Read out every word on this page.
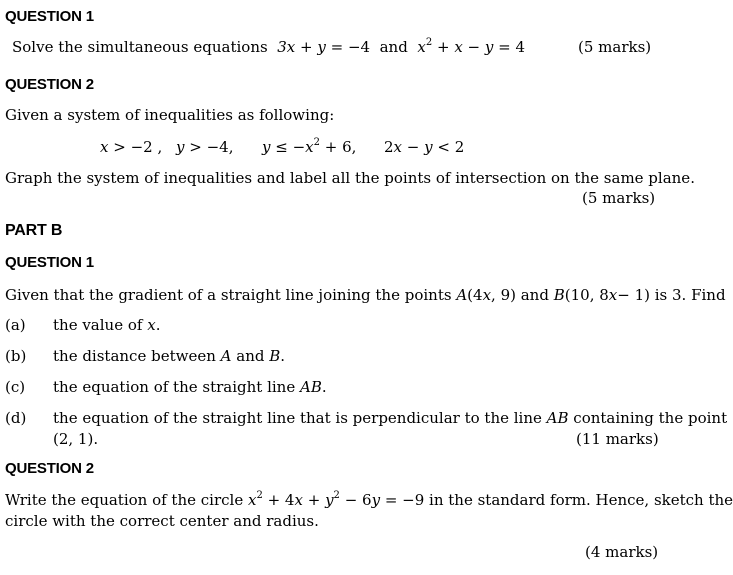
QUESTION 1
Solve the simultaneous equations 3x + y = −4 and $x^2 + x - y = 4$	(5 marks)
QUESTION 2
Given a system of inequalities as following:
x > −2 , y > −4, $y \le -x^2 + 6$, 2x − y < 2
Graph the system of inequalities and label all the points of intersection on the same plane.
(5 marks)
PART B
QUESTION 1
Given that the gradient of a straight line joining the points A(4x, 9) and B(10, 8x− 1) is 3. Find
(a) the value of x.
(b) the distance between A and B.
(c) the equation of the straight line AB.
(d) the equation of the straight line that is perpendicular to the line AB containing the point
(2, 1).	(11 marks)
QUESTION 2
Write the equation of the circle $x^2 + 4x + y^2 - 6y = -9$ in the standard form. Hence, sketch the
circle with the correct center and radius.
(4 marks)
